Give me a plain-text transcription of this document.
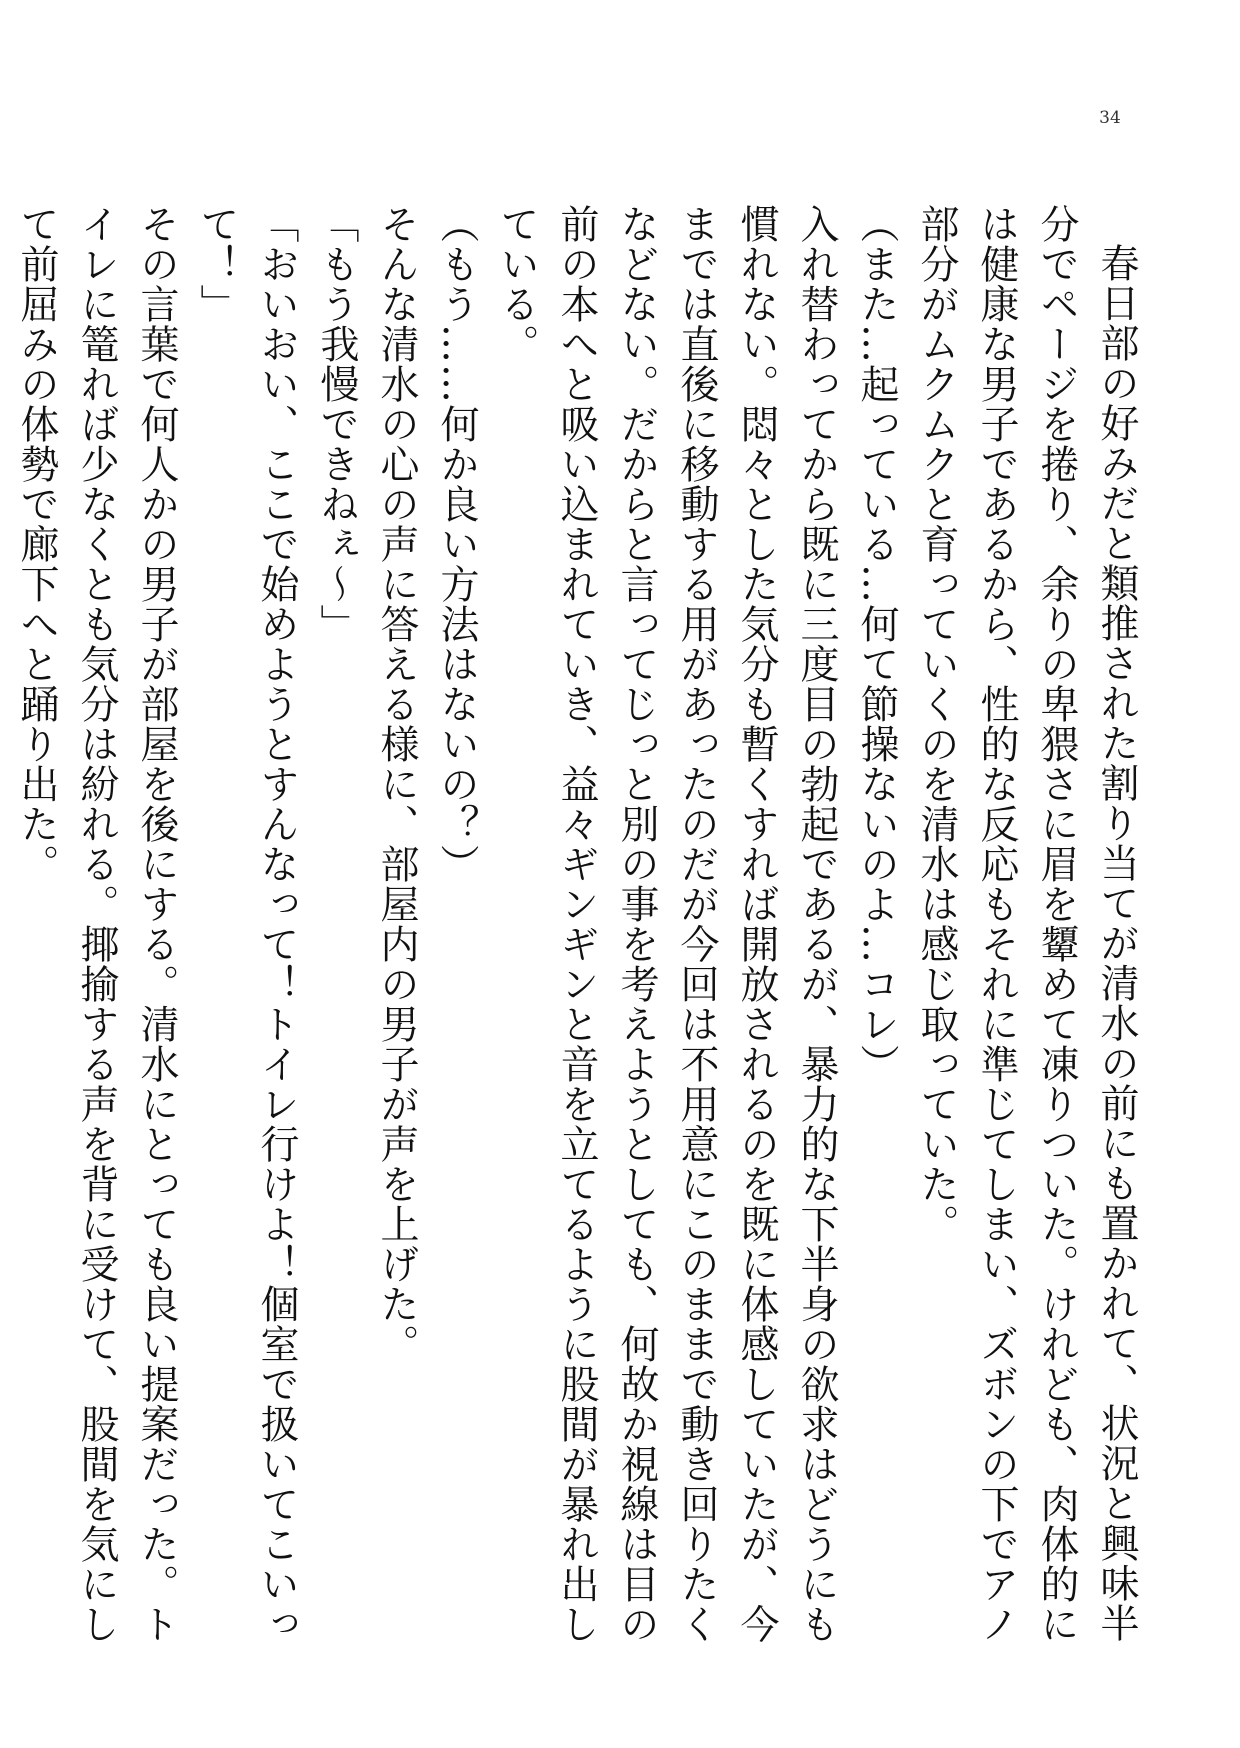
34
春日部の好みだと類推された割り当てが清水の前にも置かれて、状況と興味半分でページを捲り、余りの卑猥さに眉を顰めて凍りついた。けれども、肉体的には健康な男子であるから、性的な反応もそれに準じてしまい、ズボンの下でアノ部分がムクムクと育っていくのを清水は感じ取っていた。
（また…起っている…何て節操ないのよ…コレ）
入れ替わってから既に三度目の勃起であるが、暴力的な下半身の欲求はどうにも慣れない。悶々とした気分も暫くすれば開放されるのを既に体感していたが、今までは直後に移動する用があったのだが今回は不用意にこのままで動き回りたくなどない。だからと言ってじっと別の事を考えようとしても、何故か視線は目の前の本へと吸い込まれていき、益々ギンギンと音を立てるように股間が暴れ出している。
（もう……何か良い方法はないの？）
そんな清水の心の声に答える様に、部屋内の男子が声を上げた。
「もう我慢できねぇ～」
「おいおい、ここで始めようとすんなって！トイレ行けよ！個室で扱いてこいって！」
その言葉で何人かの男子が部屋を後にする。清水にとっても良い提案だった。トイレに篭れば少なくとも気分は紛れる。揶揄する声を背に受けて、股間を気にして前屈みの体勢で廊下へと踊り出た。
